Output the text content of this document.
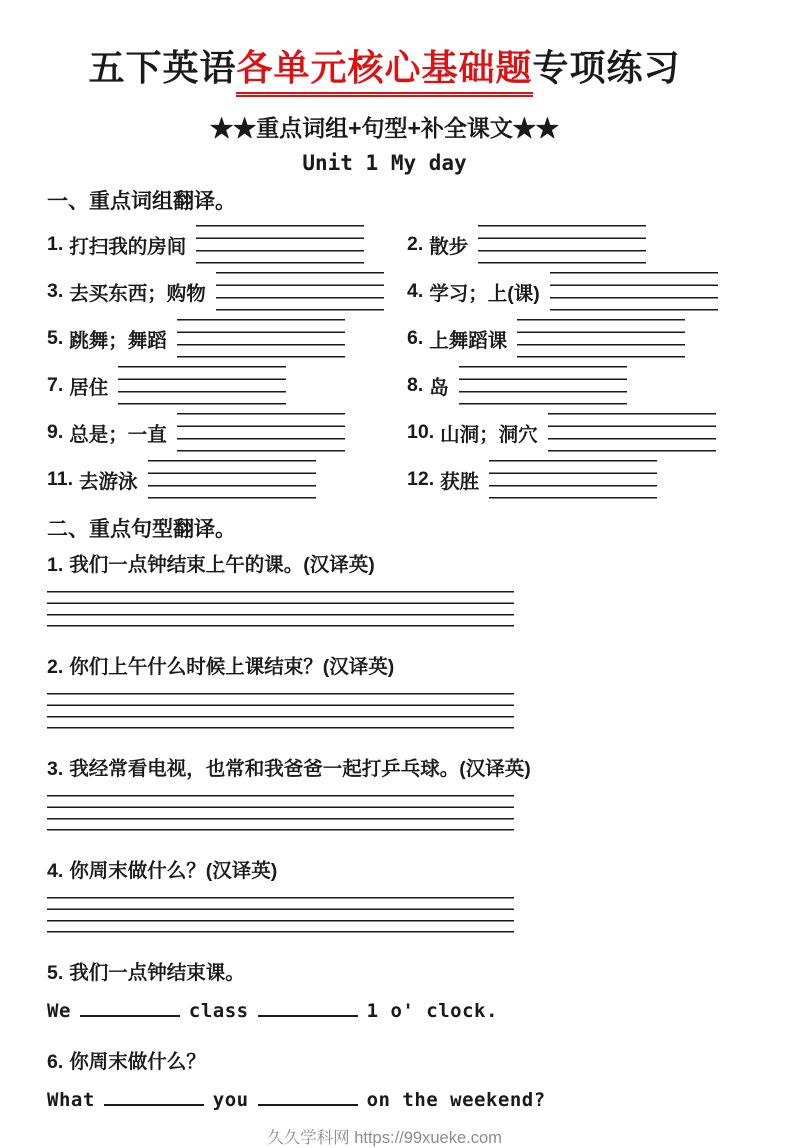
五下英语各单元核心基础题专项练习
★★重点词组+句型+补全课文★★
Unit 1 My day
一、重点词组翻译。
1. 打扫我的房间	2. 散步
3. 去买东西；购物	4. 学习；上(课)
5. 跳舞；舞蹈	6. 上舞蹈课
7. 居住	8. 岛
9. 总是；一直	10. 山洞；洞穴
11. 去游泳	12. 获胜
二、重点句型翻译。
1. 我们一点钟结束上午的课。(汉译英)
2. 你们上午什么时候上课结束？(汉译英)
3. 我经常看电视，也常和我爸爸一起打乒乓球。(汉译英)
4. 你周末做什么？(汉译英)
5. 我们一点钟结束课。
We	class	1 o' clock.
6. 你周末做什么？
What	you	on the weekend?
久久学科网 https://99xueke.com
